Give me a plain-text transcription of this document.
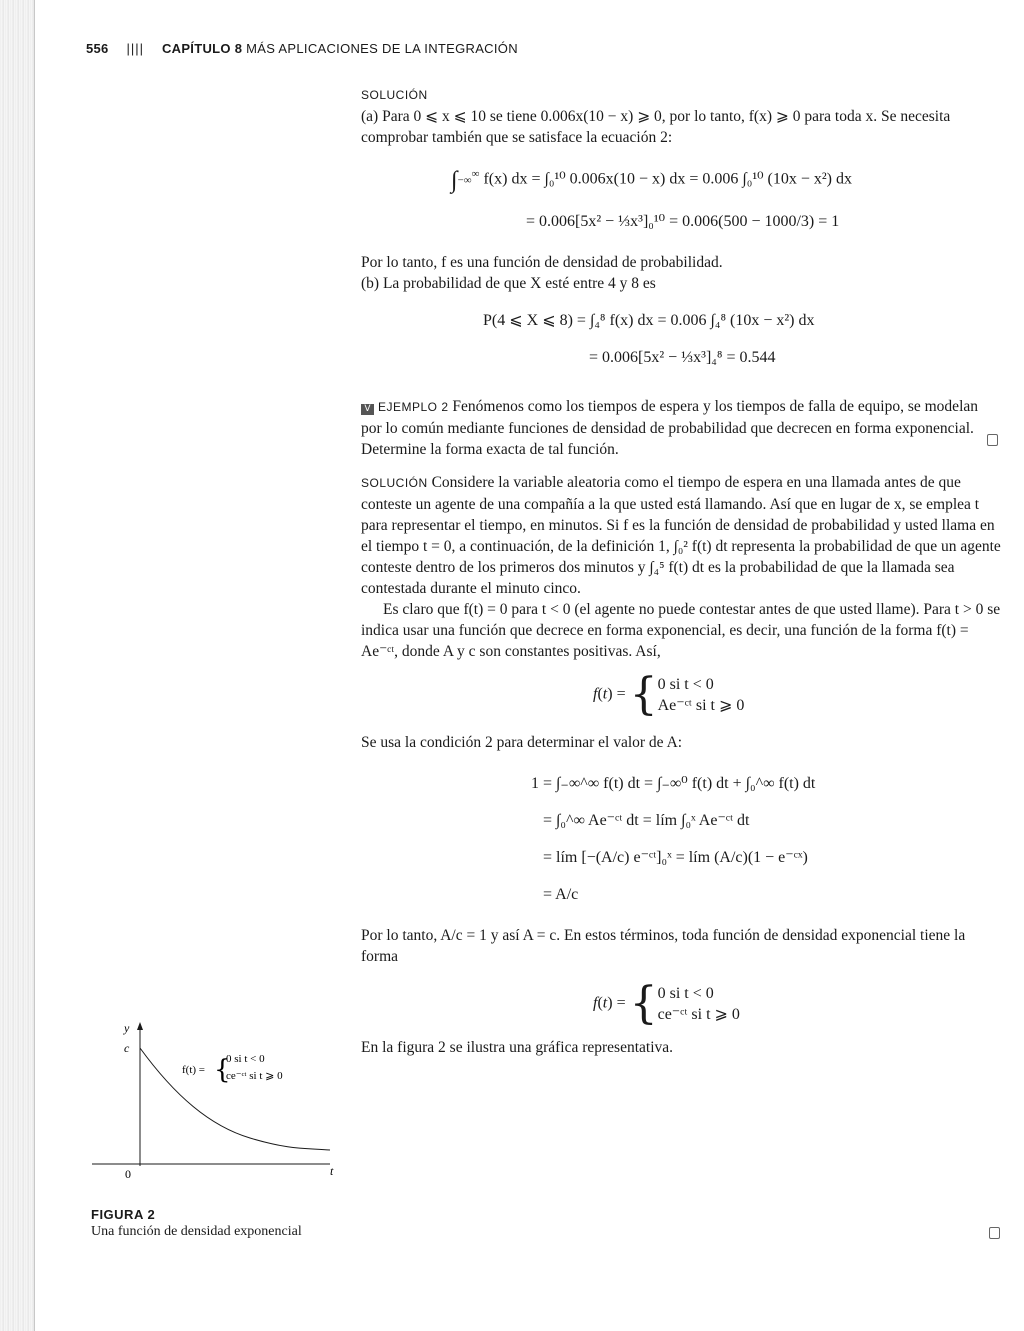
556 |||| CAPÍTULO 8 MÁS APLICACIONES DE LA INTEGRACIÓN

SOLUCIÓN

(a) Para 0 ⩽ x ⩽ 10 se tiene 0.006x(10 − x) ⩾ 0, por lo tanto, f(x) ⩾ 0 para toda x. Se necesita comprobar también que se satisface la ecuación 2:

∫−∞∞ f(x) dx = ∫₀¹⁰ 0.006x(10 − x) dx = 0.006 ∫₀¹⁰ (10x − x²) dx

= 0.006[5x² − ⅓x³]₀¹⁰ = 0.006(500 − 1000/3) = 1

Por lo tanto, f es una función de densidad de probabilidad.

(b) La probabilidad de que X esté entre 4 y 8 es

P(4 ⩽ X ⩽ 8) = ∫₄⁸ f(x) dx = 0.006 ∫₄⁸ (10x − x²) dx

= 0.006[5x² − ⅓x³]₄⁸ = 0.544

V EJEMPLO 2 Fenómenos como los tiempos de espera y los tiempos de falla de equipo, se modelan por lo común mediante funciones de densidad de probabilidad que decrecen en forma exponencial. Determine la forma exacta de tal función.

SOLUCIÓN Considere la variable aleatoria como el tiempo de espera en una llamada antes de que conteste un agente de una compañía a la que usted está llamando. Así que en lugar de x, se emplea t para representar el tiempo, en minutos. Si f es la función de densidad de probabilidad y usted llama en el tiempo t = 0, a continuación, de la definición 1, ∫₀² f(t) dt representa la probabilidad de que un agente conteste dentro de los primeros dos minutos y ∫₄⁵ f(t) dt es la probabilidad de que la llamada sea contestada durante el minuto cinco.

Es claro que f(t) = 0 para t < 0 (el agente no puede contestar antes de que usted llame). Para t > 0 se indica usar una función que decrece en forma exponencial, es decir, una función de la forma f(t) = Ae⁻ᶜᵗ, donde A y c son constantes positivas. Así,

f(t) = { 0 si t < 0
Ae⁻ᶜᵗ si t ⩾ 0

Se usa la condición 2 para determinar el valor de A:

1 = ∫₋∞^∞ f(t) dt = ∫₋∞⁰ f(t) dt + ∫₀^∞ f(t) dt

= ∫₀^∞ Ae⁻ᶜᵗ dt = lím ∫₀ˣ Ae⁻ᶜᵗ dt

= lím [−(A/c) e⁻ᶜᵗ]₀ˣ = lím (A/c)(1 − e⁻ᶜˣ)

= A/c

Por lo tanto, A/c = 1 y así A = c. En estos términos, toda función de densidad exponencial tiene la forma

f(t) = { 0 si t < 0
ce⁻ᶜᵗ si t ⩾ 0

En la figura 2 se ilustra una gráfica representativa.

y
c
0	t
f(t) = {
0 si t < 0
ce⁻ᶜᵗ si t ⩾ 0
FIGURA 2
Una función de densidad exponencial
